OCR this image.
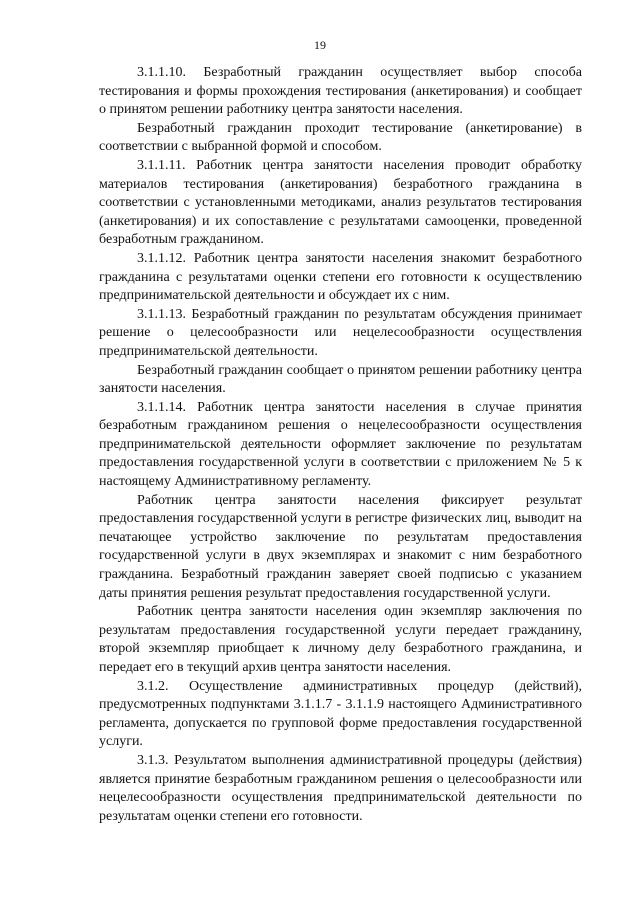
19

3.1.1.10. Безработный гражданин осуществляет выбор способа тестирования и формы прохождения тестирования (анкетирования) и сообщает о принятом решении работнику центра занятости населения.

Безработный гражданин проходит тестирование (анкетирование) в соответствии с выбранной формой и способом.

3.1.1.11. Работник центра занятости населения проводит обработку материалов тестирования (анкетирования) безработного гражданина в соответствии с установленными методиками, анализ результатов тестирования (анкетирования) и их сопоставление с результатами самооценки, проведенной безработным гражданином.

3.1.1.12. Работник центра занятости населения знакомит безработного гражданина с результатами оценки степени его готовности к осуществлению предпринимательской деятельности и обсуждает их с ним.

3.1.1.13. Безработный гражданин по результатам обсуждения принимает решение о целесообразности или нецелесообразности осуществления предпринимательской деятельности.

Безработный гражданин сообщает о принятом решении работнику центра занятости населения.

3.1.1.14. Работник центра занятости населения в случае принятия безработным гражданином решения о нецелесообразности осуществления предпринимательской деятельности оформляет заключение по результатам предоставления государственной услуги в соответствии с приложением № 5 к настоящему Административному регламенту.

Работник центра занятости населения фиксирует результат предоставления государственной услуги в регистре физических лиц, выводит на печатающее устройство заключение по результатам предоставления государственной услуги в двух экземплярах и знакомит с ним безработного гражданина. Безработный гражданин заверяет своей подписью с указанием даты принятия решения результат предоставления государственной услуги.

Работник центра занятости населения один экземпляр заключения по результатам предоставления государственной услуги передает гражданину, второй экземпляр приобщает к личному делу безработного гражданина, и передает его в текущий архив центра занятости населения.

3.1.2. Осуществление административных процедур (действий), предусмотренных подпунктами 3.1.1.7 - 3.1.1.9 настоящего Административного регламента, допускается по групповой форме предоставления государственной услуги.

3.1.3. Результатом выполнения административной процедуры (действия) является принятие безработным гражданином решения о целесообразности или нецелесообразности осуществления предпринимательской деятельности по результатам оценки степени его готовности.
